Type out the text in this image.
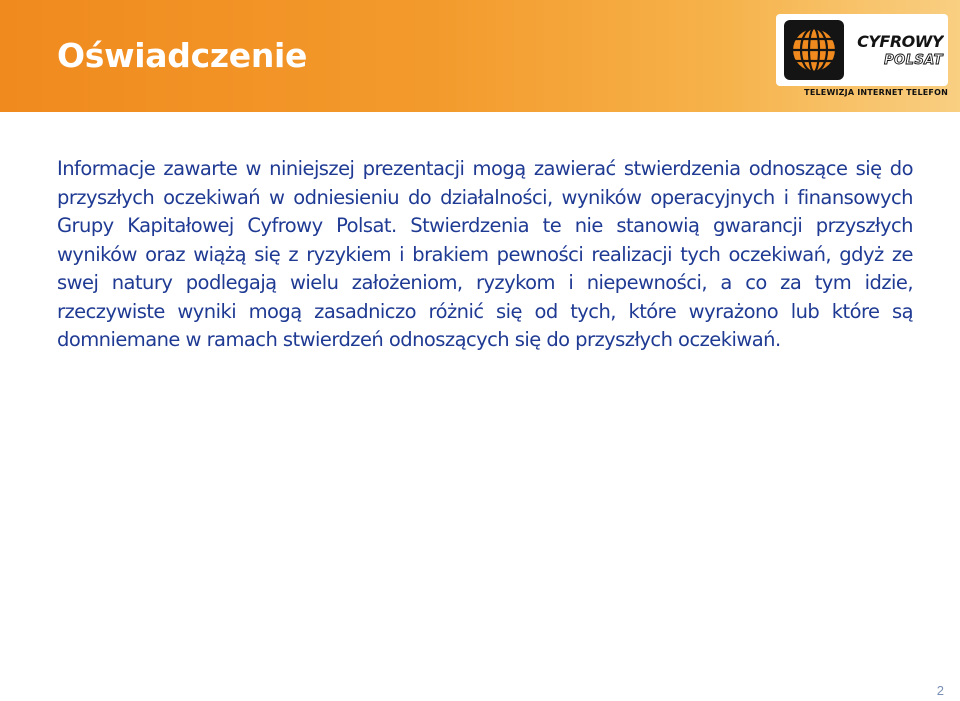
Oświadczenie	CYFROWY
POLSAT
TELEWIZJA INTERNET TELEFON
Informacje zawarte w niniejszej prezentacji mogą zawierać stwierdzenia odnoszące się do przyszłych oczekiwań w odniesieniu do działalności, wyników operacyjnych i finansowych Grupy Kapitałowej Cyfrowy Polsat. Stwierdzenia te nie stanowią gwarancji przyszłych wyników oraz wiążą się z ryzykiem i brakiem pewności realizacji tych oczekiwań, gdyż ze swej natury podlegają wielu założeniom, ryzykom i niepewności, a co za tym idzie, rzeczywiste wyniki mogą zasadniczo różnić się od tych, które wyrażono lub które są domniemane w ramach stwierdzeń odnoszących się do przyszłych oczekiwań.
2
